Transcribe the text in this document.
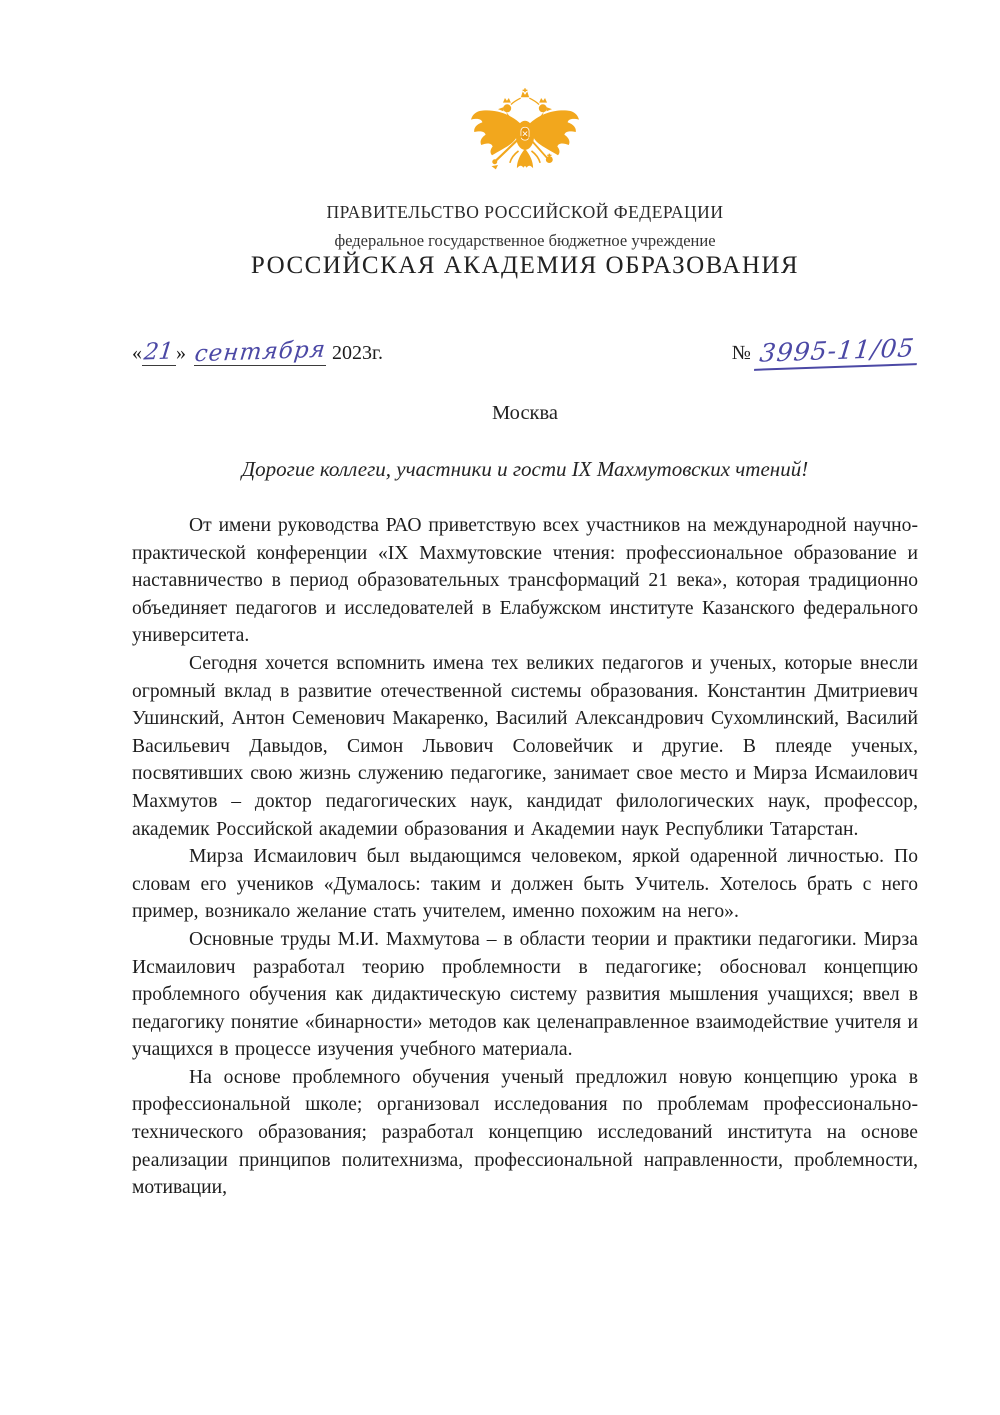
ПРАВИТЕЛЬСТВО РОССИЙСКОЙ ФЕДЕРАЦИИ
федеральное государственное бюджетное учреждение
РОССИЙСКАЯ АКАДЕМИЯ ОБРАЗОВАНИЯ
«21» сентября 2023г.	№ 3995-11/05
Москва
Дорогие коллеги, участники и гости IX Махмутовских чтений!

От имени руководства РАО приветствую всех участников на международной научно-практической конференции «IX Махмутовские чтения: профессиональное образование и наставничество в период образовательных трансформаций 21 века», которая традиционно объединяет педагогов и исследователей в Елабужском институте Казанского федерального университета.

Сегодня хочется вспомнить имена тех великих педагогов и ученых, которые внесли огромный вклад в развитие отечественной системы образования. Константин Дмитриевич Ушинский, Антон Семенович Макаренко, Василий Александрович Сухомлинский, Василий Васильевич Давыдов, Симон Львович Соловейчик и другие. В плеяде ученых, посвятивших свою жизнь служению педагогике, занимает свое место и Мирза Исмаилович Махмутов – доктор педагогических наук, кандидат филологических наук, профессор, академик Российской академии образования и Академии наук Республики Татарстан.

Мирза Исмаилович был выдающимся человеком, яркой одаренной личностью. По словам его учеников «Думалось: таким и должен быть Учитель. Хотелось брать с него пример, возникало желание стать учителем, именно похожим на него».

Основные труды М.И. Махмутова – в области теории и практики педагогики. Мирза Исмаилович разработал теорию проблемности в педагогике; обосновал концепцию проблемного обучения как дидактическую систему развития мышления учащихся; ввел в педагогику понятие «бинарности» методов как целенаправленное взаимодействие учителя и учащихся в процессе изучения учебного материала.

На основе проблемного обучения ученый предложил новую концепцию урока в профессиональной школе; организовал исследования по проблемам профессионально-технического образования; разработал концепцию исследований института на основе реализации принципов политехнизма, профессиональной направленности, проблемности, мотивации,
